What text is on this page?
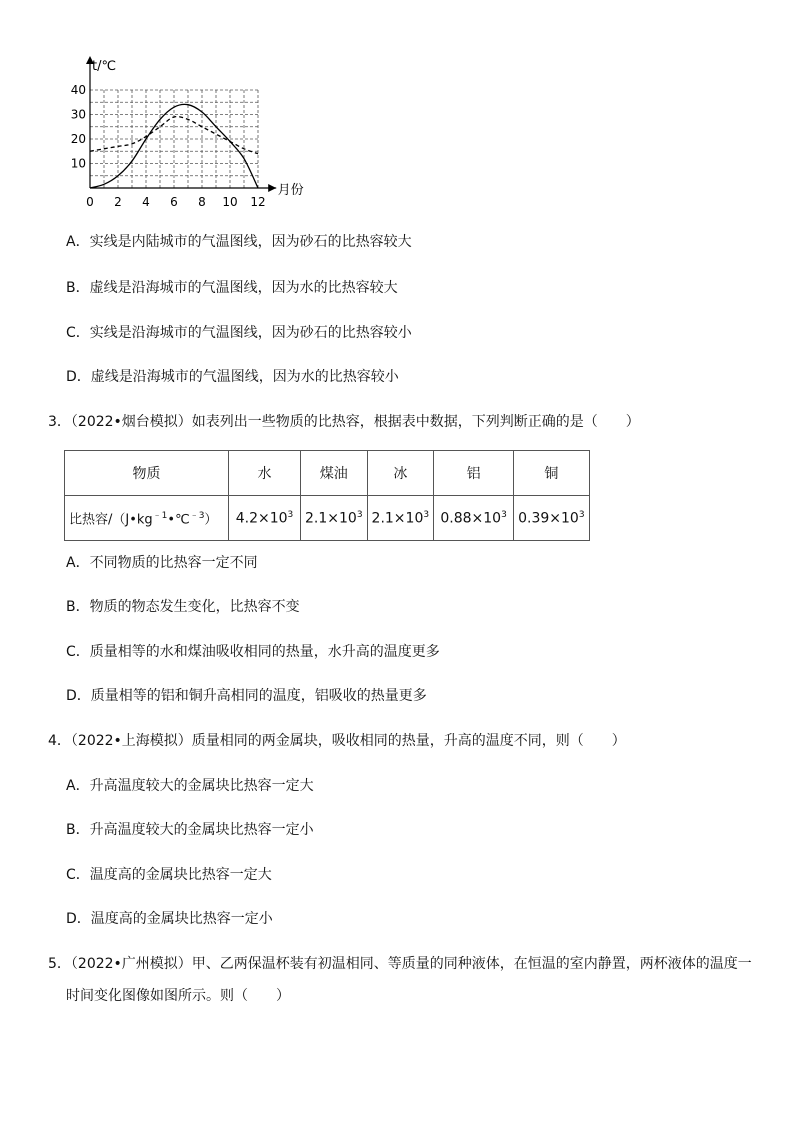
t/℃
月份
10
20
30
40
0 2 4 6 8 10 12
A．实线是内陆城市的气温图线，因为砂石的比热容较大
B．虚线是沿海城市的气温图线，因为水的比热容较大
C．实线是沿海城市的气温图线，因为砂石的比热容较小
D．虚线是沿海城市的气温图线，因为水的比热容较小
3．（2022•烟台模拟）如表列出一些物质的比热容，根据表中数据，下列判断正确的是（　　）
物质	水	煤油	冰	铝	铜
比热容$/(J•kg^{﹣1}•℃^{﹣3})$	$4.2\times 10^3$	$2.1\times 10^3$	$2.1\times 10^3$	$0.88\times 10^3$	$0.39\times 10^3$
A．不同物质的比热容一定不同
B．物质的物态发生变化，比热容不变
C．质量相等的水和煤油吸收相同的热量，水升高的温度更多
D．质量相等的铝和铜升高相同的温度，铝吸收的热量更多
4．（2022•上海模拟）质量相同的两金属块，吸收相同的热量，升高的温度不同，则（　　）
A．升高温度较大的金属块比热容一定大
B．升高温度较大的金属块比热容一定小
C．温度高的金属块比热容一定大
D．温度高的金属块比热容一定小
5．（2022•广州模拟）甲、乙两保温杯装有初温相同、等质量的同种液体，在恒温的室内静置，两杯液体的温度一
时间变化图像如图所示。则（　　）
